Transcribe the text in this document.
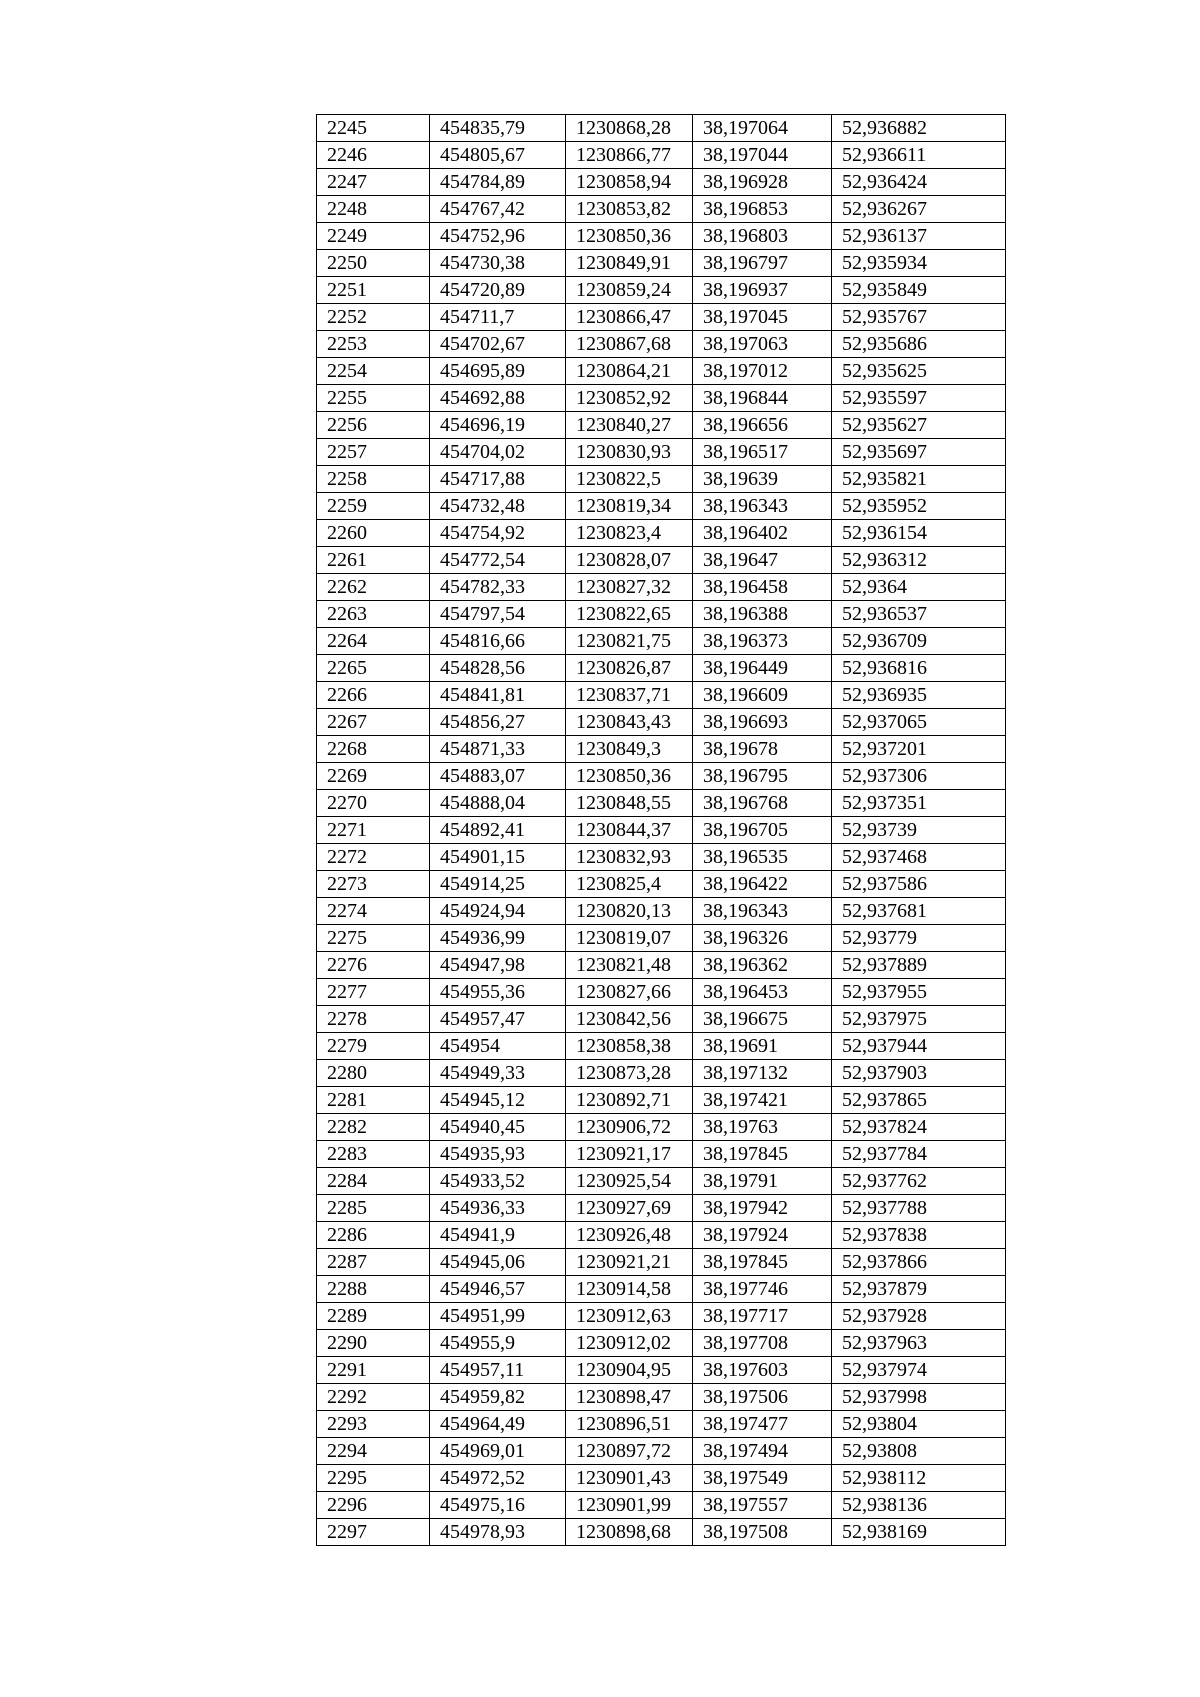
2245	454835,79	1230868,28	38,197064	52,936882
2246	454805,67	1230866,77	38,197044	52,936611
2247	454784,89	1230858,94	38,196928	52,936424
2248	454767,42	1230853,82	38,196853	52,936267
2249	454752,96	1230850,36	38,196803	52,936137
2250	454730,38	1230849,91	38,196797	52,935934
2251	454720,89	1230859,24	38,196937	52,935849
2252	454711,7	1230866,47	38,197045	52,935767
2253	454702,67	1230867,68	38,197063	52,935686
2254	454695,89	1230864,21	38,197012	52,935625
2255	454692,88	1230852,92	38,196844	52,935597
2256	454696,19	1230840,27	38,196656	52,935627
2257	454704,02	1230830,93	38,196517	52,935697
2258	454717,88	1230822,5	38,19639	52,935821
2259	454732,48	1230819,34	38,196343	52,935952
2260	454754,92	1230823,4	38,196402	52,936154
2261	454772,54	1230828,07	38,19647	52,936312
2262	454782,33	1230827,32	38,196458	52,9364
2263	454797,54	1230822,65	38,196388	52,936537
2264	454816,66	1230821,75	38,196373	52,936709
2265	454828,56	1230826,87	38,196449	52,936816
2266	454841,81	1230837,71	38,196609	52,936935
2267	454856,27	1230843,43	38,196693	52,937065
2268	454871,33	1230849,3	38,19678	52,937201
2269	454883,07	1230850,36	38,196795	52,937306
2270	454888,04	1230848,55	38,196768	52,937351
2271	454892,41	1230844,37	38,196705	52,93739
2272	454901,15	1230832,93	38,196535	52,937468
2273	454914,25	1230825,4	38,196422	52,937586
2274	454924,94	1230820,13	38,196343	52,937681
2275	454936,99	1230819,07	38,196326	52,93779
2276	454947,98	1230821,48	38,196362	52,937889
2277	454955,36	1230827,66	38,196453	52,937955
2278	454957,47	1230842,56	38,196675	52,937975
2279	454954	1230858,38	38,19691	52,937944
2280	454949,33	1230873,28	38,197132	52,937903
2281	454945,12	1230892,71	38,197421	52,937865
2282	454940,45	1230906,72	38,19763	52,937824
2283	454935,93	1230921,17	38,197845	52,937784
2284	454933,52	1230925,54	38,19791	52,937762
2285	454936,33	1230927,69	38,197942	52,937788
2286	454941,9	1230926,48	38,197924	52,937838
2287	454945,06	1230921,21	38,197845	52,937866
2288	454946,57	1230914,58	38,197746	52,937879
2289	454951,99	1230912,63	38,197717	52,937928
2290	454955,9	1230912,02	38,197708	52,937963
2291	454957,11	1230904,95	38,197603	52,937974
2292	454959,82	1230898,47	38,197506	52,937998
2293	454964,49	1230896,51	38,197477	52,93804
2294	454969,01	1230897,72	38,197494	52,93808
2295	454972,52	1230901,43	38,197549	52,938112
2296	454975,16	1230901,99	38,197557	52,938136
2297	454978,93	1230898,68	38,197508	52,938169
